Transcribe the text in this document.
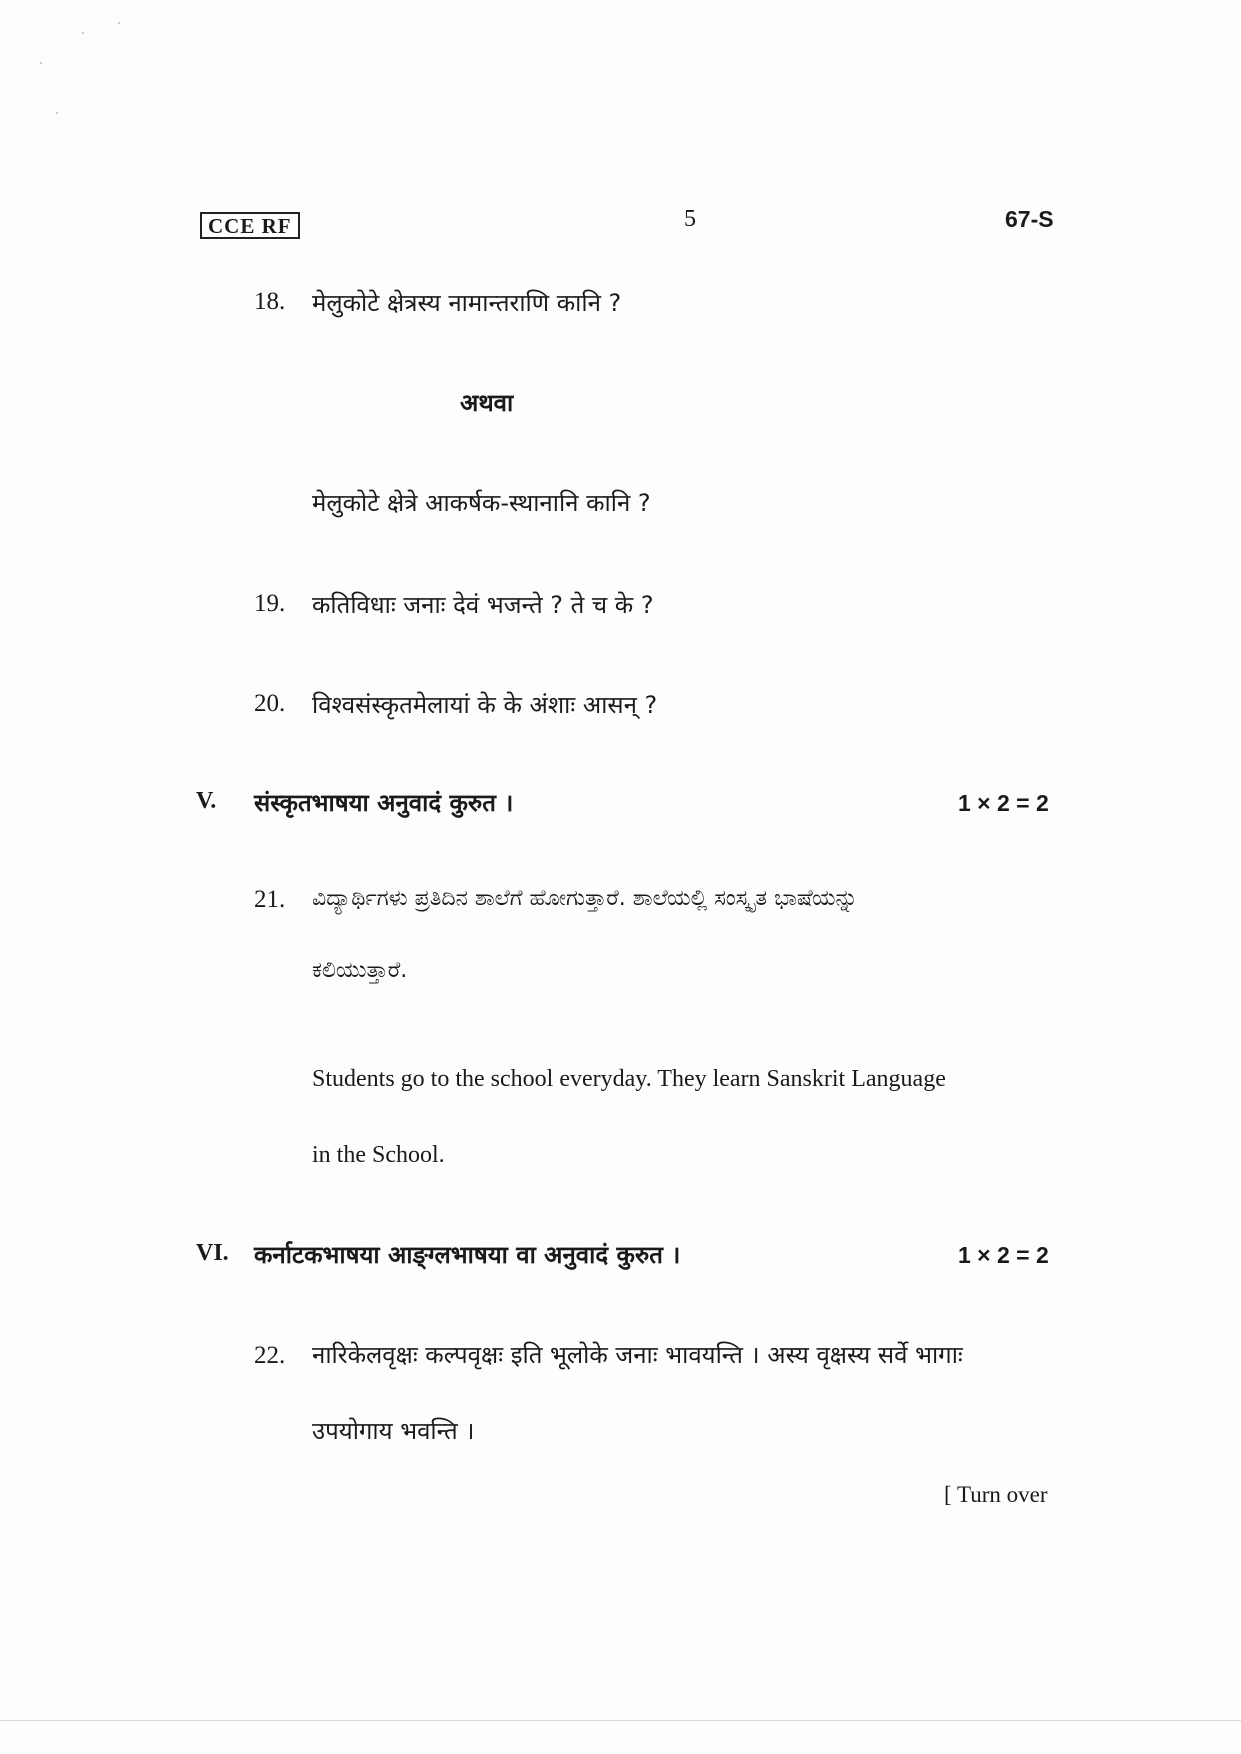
CCE RF	5	67-S
18. मेलुकोटे क्षेत्रस्य नामान्तराणि कानि ?
अथवा
मेलुकोटे क्षेत्रे आकर्षक-स्थानानि कानि ?
19. कतिविधाः जनाः देवं भजन्ते ? ते च के ?
20. विश्वसंस्कृतमेलायां के के अंशाः आसन् ?
V. संस्कृतभाषया अनुवादं कुरुत ।	1 × 2 = 2
21. ವಿದ್ಯಾರ್ಥಿಗಳು ಪ್ರತಿದಿನ ಶಾಲೆಗೆ ಹೋಗುತ್ತಾರೆ. ಶಾಲೆಯಲ್ಲಿ ಸಂಸ್ಕೃತ ಭಾಷೆಯನ್ನು
ಕಲಿಯುತ್ತಾರೆ.
Students go to the school everyday. They learn Sanskrit Language
in the School.
VI. कर्नाटकभाषया आङ्ग्लभाषया वा अनुवादं कुरुत ।	1 × 2 = 2
22. नारिकेलवृक्षः कल्पवृक्षः इति भूलोके जनाः भावयन्ति । अस्य वृक्षस्य सर्वे भागाः
उपयोगाय भवन्ति ।
[ Turn over
